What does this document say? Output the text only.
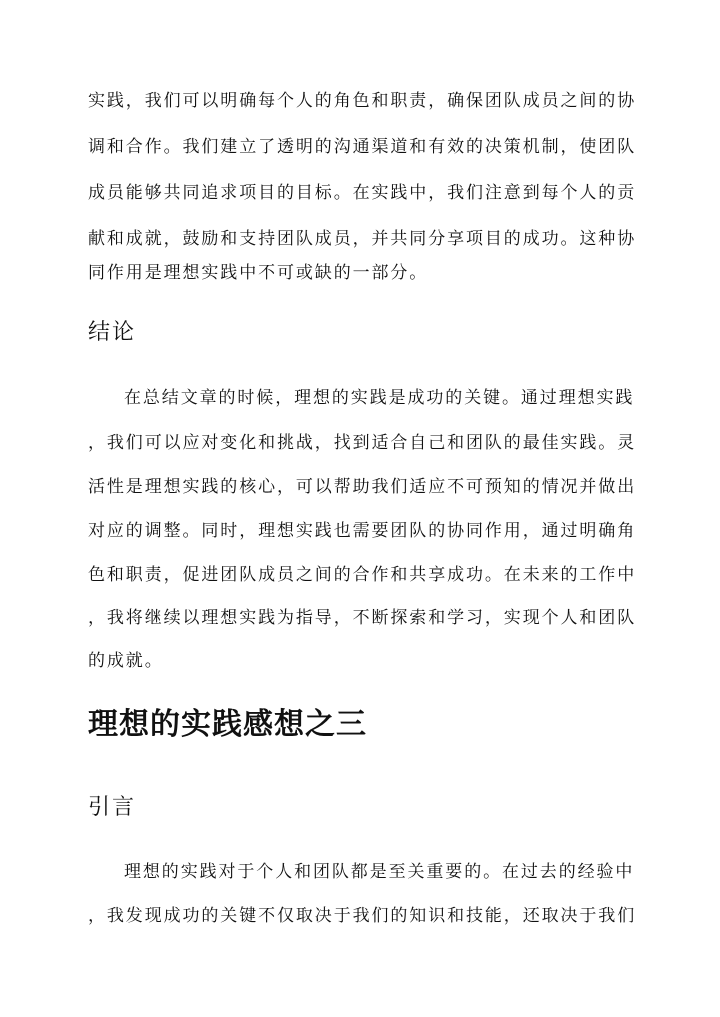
实践，我们可以明确每个人的角色和职责，确保团队成员之间的协
调和合作。我们建立了透明的沟通渠道和有效的决策机制，使团队
成员能够共同追求项目的目标。在实践中，我们注意到每个人的贡
献和成就，鼓励和支持团队成员，并共同分享项目的成功。这种协
同作用是理想实践中不可或缺的一部分。
结论
在总结文章的时候，理想的实践是成功的关键。通过理想实践
，我们可以应对变化和挑战，找到适合自己和团队的最佳实践。灵
活性是理想实践的核心，可以帮助我们适应不可预知的情况并做出
对应的调整。同时，理想实践也需要团队的协同作用，通过明确角
色和职责，促进团队成员之间的合作和共享成功。在未来的工作中
，我将继续以理想实践为指导，不断探索和学习，实现个人和团队
的成就。
理想的实践感想之三
引言
理想的实践对于个人和团队都是至关重要的。在过去的经验中
，我发现成功的关键不仅取决于我们的知识和技能，还取决于我们
